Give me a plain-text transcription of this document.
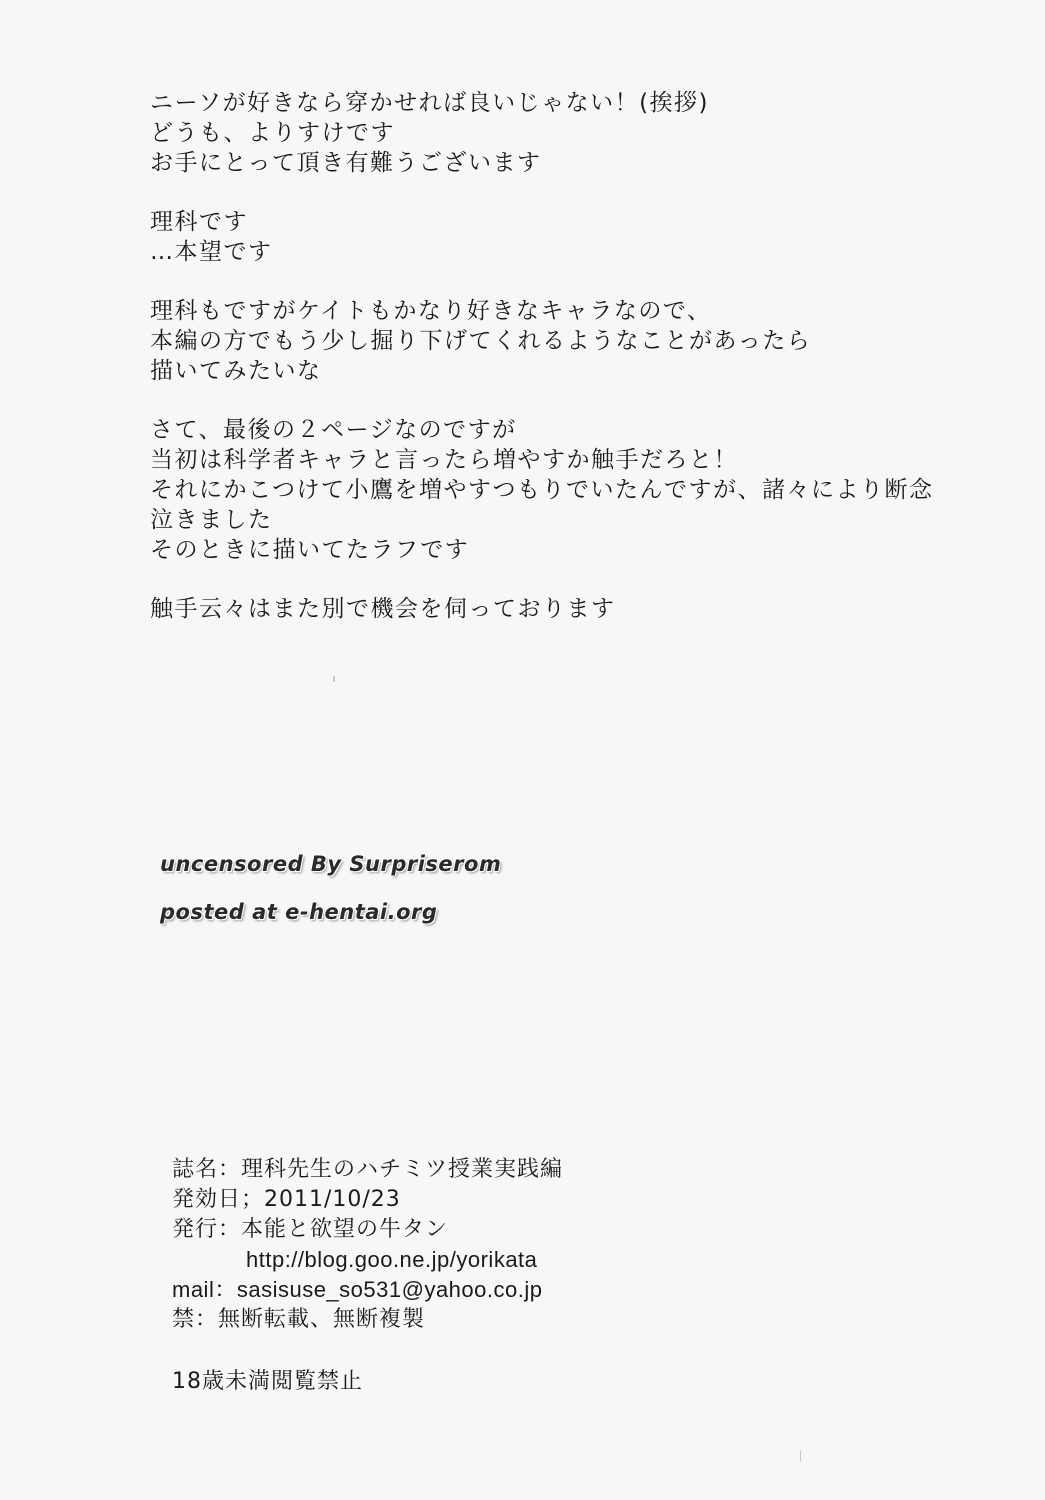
ニーソが好きなら穿かせれば良いじゃない！(挨拶)
どうも、よりすけです
お手にとって頂き有難うございます
理科です
…本望です
理科もですがケイトもかなり好きなキャラなので、
本編の方でもう少し掘り下げてくれるようなことがあったら
描いてみたいな
さて、最後の２ページなのですが
当初は科学者キャラと言ったら増やすか触手だろと！
それにかこつけて小鷹を増やすつもりでいたんですが、諸々により断念
泣きました
そのときに描いてたラフです
触手云々はまた別で機会を伺っております
uncensored By Surpriserom
posted at e-hentai.org
誌名：理科先生のハチミツ授業実践編
発効日；2011/10/23
発行：本能と欲望の牛タン
http://blog.goo.ne.jp/yorikata
mail：sasisuse_so531@yahoo.co.jp
禁：無断転載、無断複製
18歳未満閲覧禁止
